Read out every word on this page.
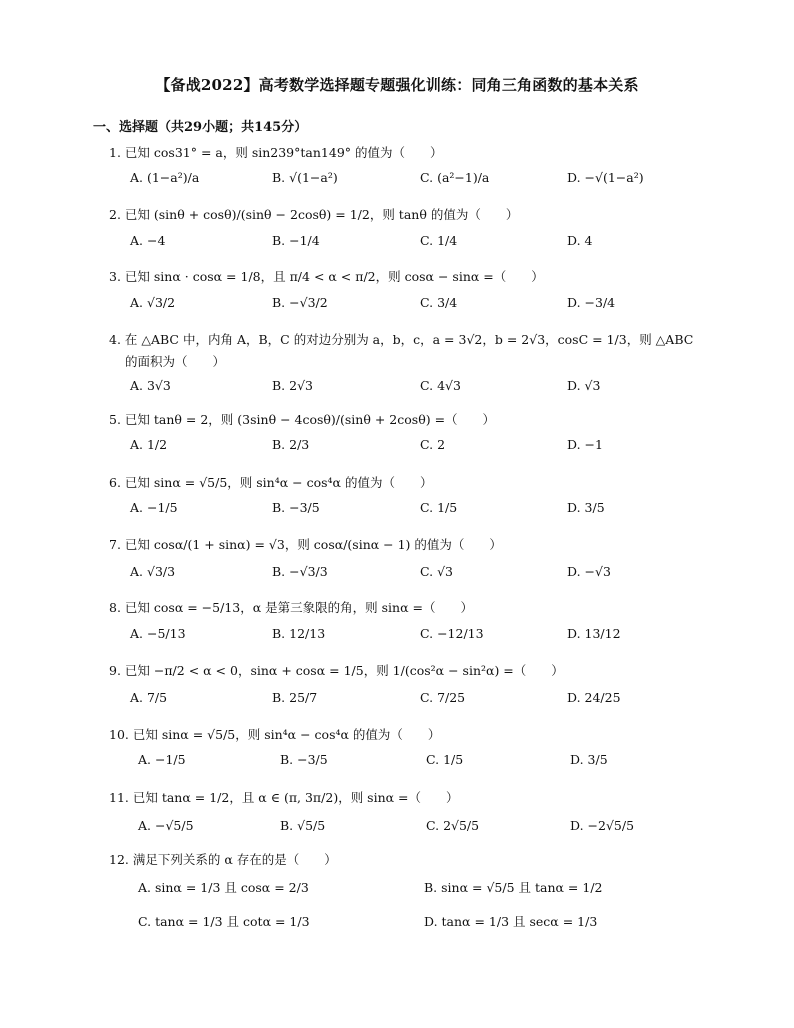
【备战2022】高考数学选择题专题强化训练：同角三角函数的基本关系
一、选择题（共29小题；共145分）
1. 已知 cos31° = a，则 sin239°tan149° 的值为（　　）
A. (1−a²)/a	B. √(1−a²)	C. (a²−1)/a	D. −√(1−a²)
2. 已知 (sinθ + cosθ)/(sinθ − 2cosθ) = 1/2，则 tanθ 的值为（　　）
A. −4	B. −1/4	C. 1/4	D. 4
3. 已知 sinα · cosα = 1/8，且 π/4 < α < π/2，则 cosα − sinα =（　　）
A. √3/2	B. −√3/2	C. 3/4	D. −3/4
4. 在 △ABC 中，内角 A，B，C 的对边分别为 a，b，c，a = 3√2，b = 2√3，cosC = 1/3，则 △ABC
的面积为（　　）
A. 3√3	B. 2√3	C. 4√3	D. √3
5. 已知 tanθ = 2，则 (3sinθ − 4cosθ)/(sinθ + 2cosθ) =（　　）
A. 1/2	B. 2/3	C. 2	D. −1
6. 已知 sinα = √5/5，则 sin⁴α − cos⁴α 的值为（　　）
A. −1/5	B. −3/5	C. 1/5	D. 3/5
7. 已知 cosα/(1 + sinα) = √3，则 cosα/(sinα − 1) 的值为（　　）
A. √3/3	B. −√3/3	C. √3	D. −√3
8. 已知 cosα = −5/13，α 是第三象限的角，则 sinα =（　　）
A. −5/13	B. 12/13	C. −12/13	D. 13/12
9. 已知 −π/2 < α < 0，sinα + cosα = 1/5，则 1/(cos²α − sin²α) =（　　）
A. 7/5	B. 25/7	C. 7/25	D. 24/25
10. 已知 sinα = √5/5，则 sin⁴α − cos⁴α 的值为（　　）
A. −1/5	B. −3/5	C. 1/5	D. 3/5
11. 已知 tanα = 1/2，且 α ∈ (π, 3π/2)，则 sinα =（　　）
A. −√5/5	B. √5/5	C. 2√5/5	D. −2√5/5
12. 满足下列关系的 α 存在的是（　　）
A. sinα = 1/3 且 cosα = 2/3	B. sinα = √5/5 且 tanα = 1/2
C. tanα = 1/3 且 cotα = 1/3	D. tanα = 1/3 且 secα = 1/3
